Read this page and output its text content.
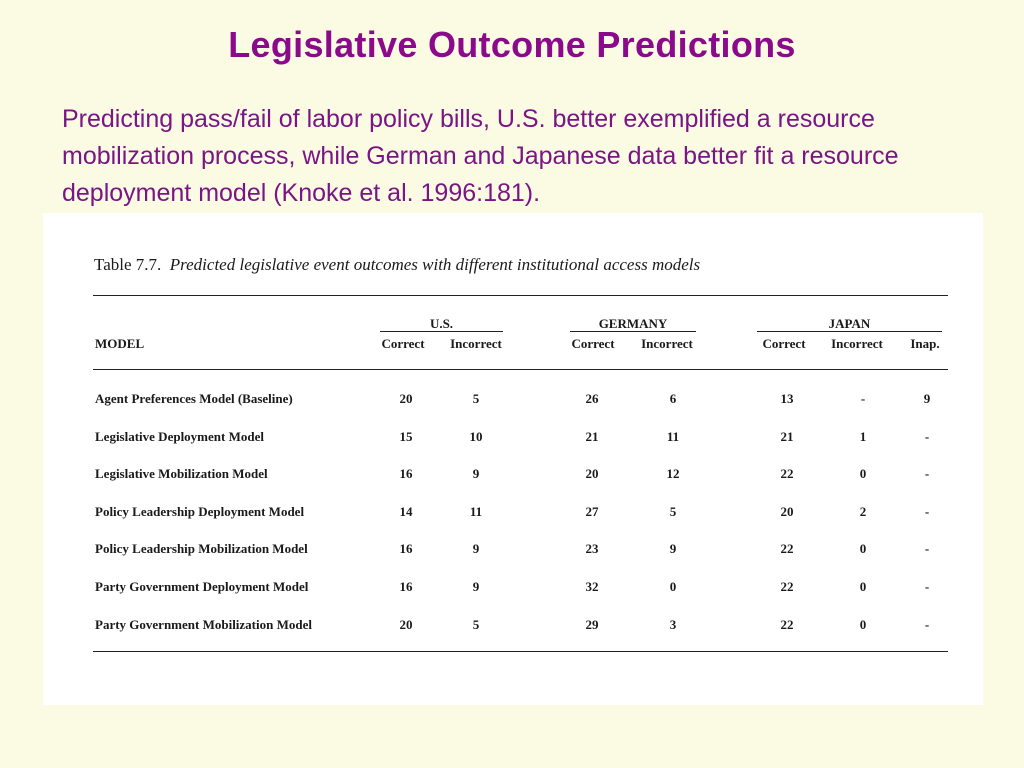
Legislative Outcome Predictions

Predicting pass/fail of labor policy bills, U.S. better exemplified a resource mobilization process, while German and Japanese data better fit a resource deployment model (Knoke et al. 1996:181).

Table 7.7. Predicted legislative event outcomes with different institutional access models

U.S.	GERMANY	JAPAN
MODEL	Correct	Incorrect	Correct	Incorrect	Correct	Incorrect	Inap.
Agent Preferences Model (Baseline)	20	5	26	6	13	-	9
Legislative Deployment Model	15	10	21	11	21	1	-
Legislative Mobilization Model	16	9	20	12	22	0	-
Policy Leadership Deployment Model	14	11	27	5	20	2	-
Policy Leadership Mobilization Model	16	9	23	9	22	0	-
Party Government Deployment Model	16	9	32	0	22	0	-
Party Government Mobilization Model	20	5	29	3	22	0	-
